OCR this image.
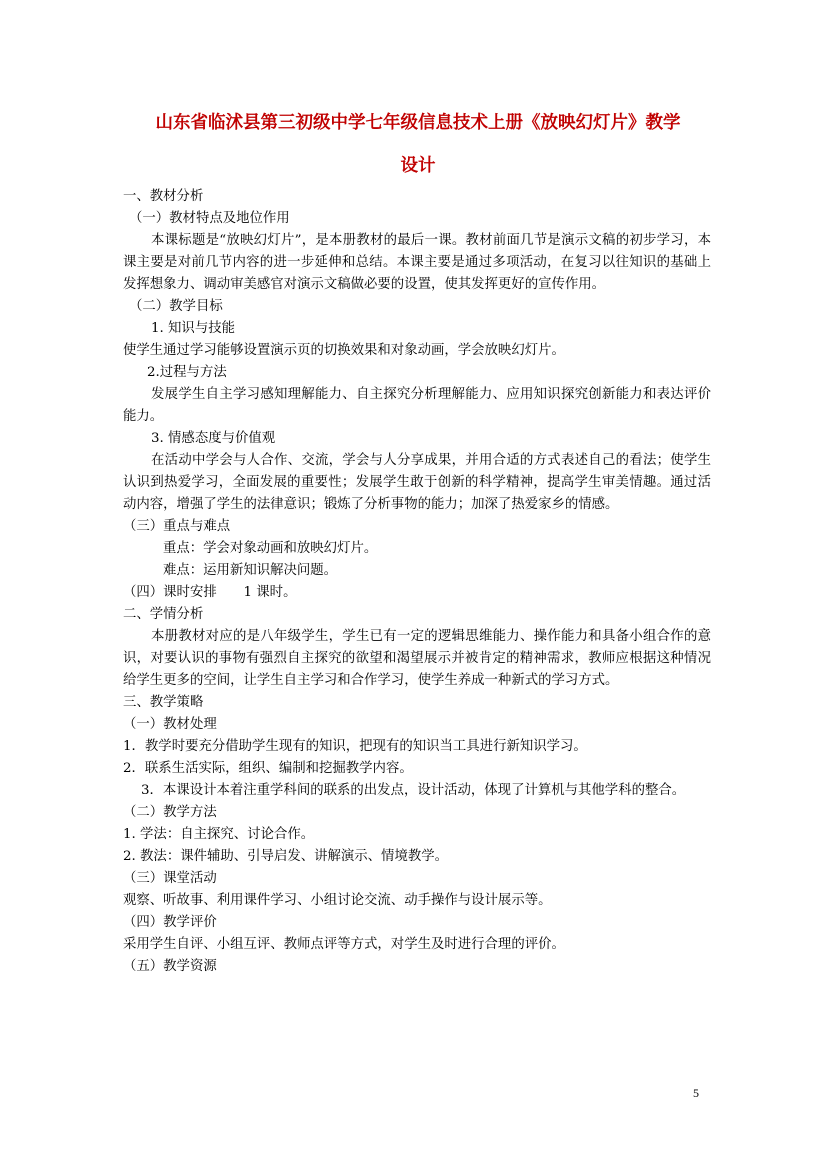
山东省临沭县第三初级中学七年级信息技术上册《放映幻灯片》教学
设计

一、教材分析

（一）教材特点及地位作用

本课标题是“放映幻灯片”，是本册教材的最后一课。教材前面几节是演示文稿的初步学习，本课主要是对前几节内容的进一步延伸和总结。本课主要是通过多项活动，在复习以往知识的基础上发挥想象力、调动审美感官对演示文稿做必要的设置，使其发挥更好的宣传作用。

（二）教学目标

1. 知识与技能

使学生通过学习能够设置演示页的切换效果和对象动画，学会放映幻灯片。

2.过程与方法

发展学生自主学习感知理解能力、自主探究分析理解能力、应用知识探究创新能力和表达评价能力。

3. 情感态度与价值观

在活动中学会与人合作、交流，学会与人分享成果，并用合适的方式表述自己的看法；使学生认识到热爱学习，全面发展的重要性；发展学生敢于创新的科学精神，提高学生审美情趣。通过活动内容，增强了学生的法律意识；锻炼了分析事物的能力；加深了热爱家乡的情感。

（三）重点与难点

重点：学会对象动画和放映幻灯片。

难点：运用新知识解决问题。

（四）课时安排　　1 课时。

二、学情分析

本册教材对应的是八年级学生，学生已有一定的逻辑思维能力、操作能力和具备小组合作的意识，对要认识的事物有强烈自主探究的欲望和渴望展示并被肯定的精神需求，教师应根据这种情况给学生更多的空间，让学生自主学习和合作学习，使学生养成一种新式的学习方式。

三、教学策略

（一）教材处理

1．教学时要充分借助学生现有的知识，把现有的知识当工具进行新知识学习。

2．联系生活实际，组织、编制和挖掘教学内容。

3．本课设计本着注重学科间的联系的出发点，设计活动，体现了计算机与其他学科的整合。

（二）教学方法

1. 学法：自主探究、讨论合作。

2. 教法：课件辅助、引导启发、讲解演示、情境教学。

（三）课堂活动

观察、听故事、利用课件学习、小组讨论交流、动手操作与设计展示等。

（四）教学评价

采用学生自评、小组互评、教师点评等方式，对学生及时进行合理的评价。

（五）教学资源

5
